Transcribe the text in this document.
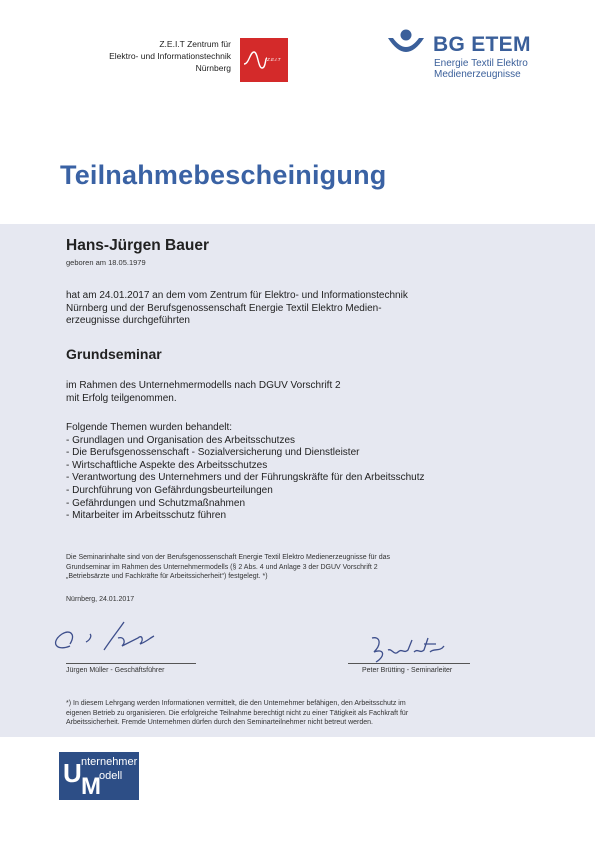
Z.E.I.T Zentrum für
Elektro- und Informationstechnik
Nürnberg
Z.E.I.T
BG ETEM
Energie Textil Elektro
Medienerzeugnisse
Teilnahmebescheinigung
Hans-Jürgen Bauer
geboren am 18.05.1979
hat am 24.01.2017 an dem vom Zentrum für Elektro- und Informationstechnik
Nürnberg und der Berufsgenossenschaft Energie Textil Elektro Medien-
erzeugnisse durchgeführten
Grundseminar
im Rahmen des Unternehmermodells nach DGUV Vorschrift 2
mit Erfolg teilgenommen.
Folgende Themen wurden behandelt:
- Grundlagen und Organisation des Arbeitsschutzes
- Die Berufsgenossenschaft - Sozialversicherung und Dienstleister
- Wirtschaftliche Aspekte des Arbeitsschutzes
- Verantwortung des Unternehmers und der Führungskräfte für den Arbeitsschutz
- Durchführung von Gefährdungsbeurteilungen
- Gefährdungen und Schutzmaßnahmen
- Mitarbeiter im Arbeitsschutz führen
Die Seminarinhalte sind von der Berufsgenossenschaft Energie Textil Elektro Medienerzeugnisse für das
Grundseminar im Rahmen des Unternehmermodells (§ 2 Abs. 4 und Anlage 3 der DGUV Vorschrift 2
„Betriebsärzte und Fachkräfte für Arbeitssicherheit“) festgelegt. *)
Nürnberg, 24.01.2017
Jürgen Müller - Geschäftsführer	Peter Brütting - Seminarleiter
*) In diesem Lehrgang werden Informationen vermittelt, die den Unternehmer befähigen, den Arbeitsschutz im
eigenen Betrieb zu organisieren. Die erfolgreiche Teilnahme berechtigt nicht zu einer Tätigkeit als Fachkraft für
Arbeitssicherheit. Fremde Unternehmen dürfen durch den Seminarteilnehmer nicht betreut werden.
U nternehmer
M
odell
